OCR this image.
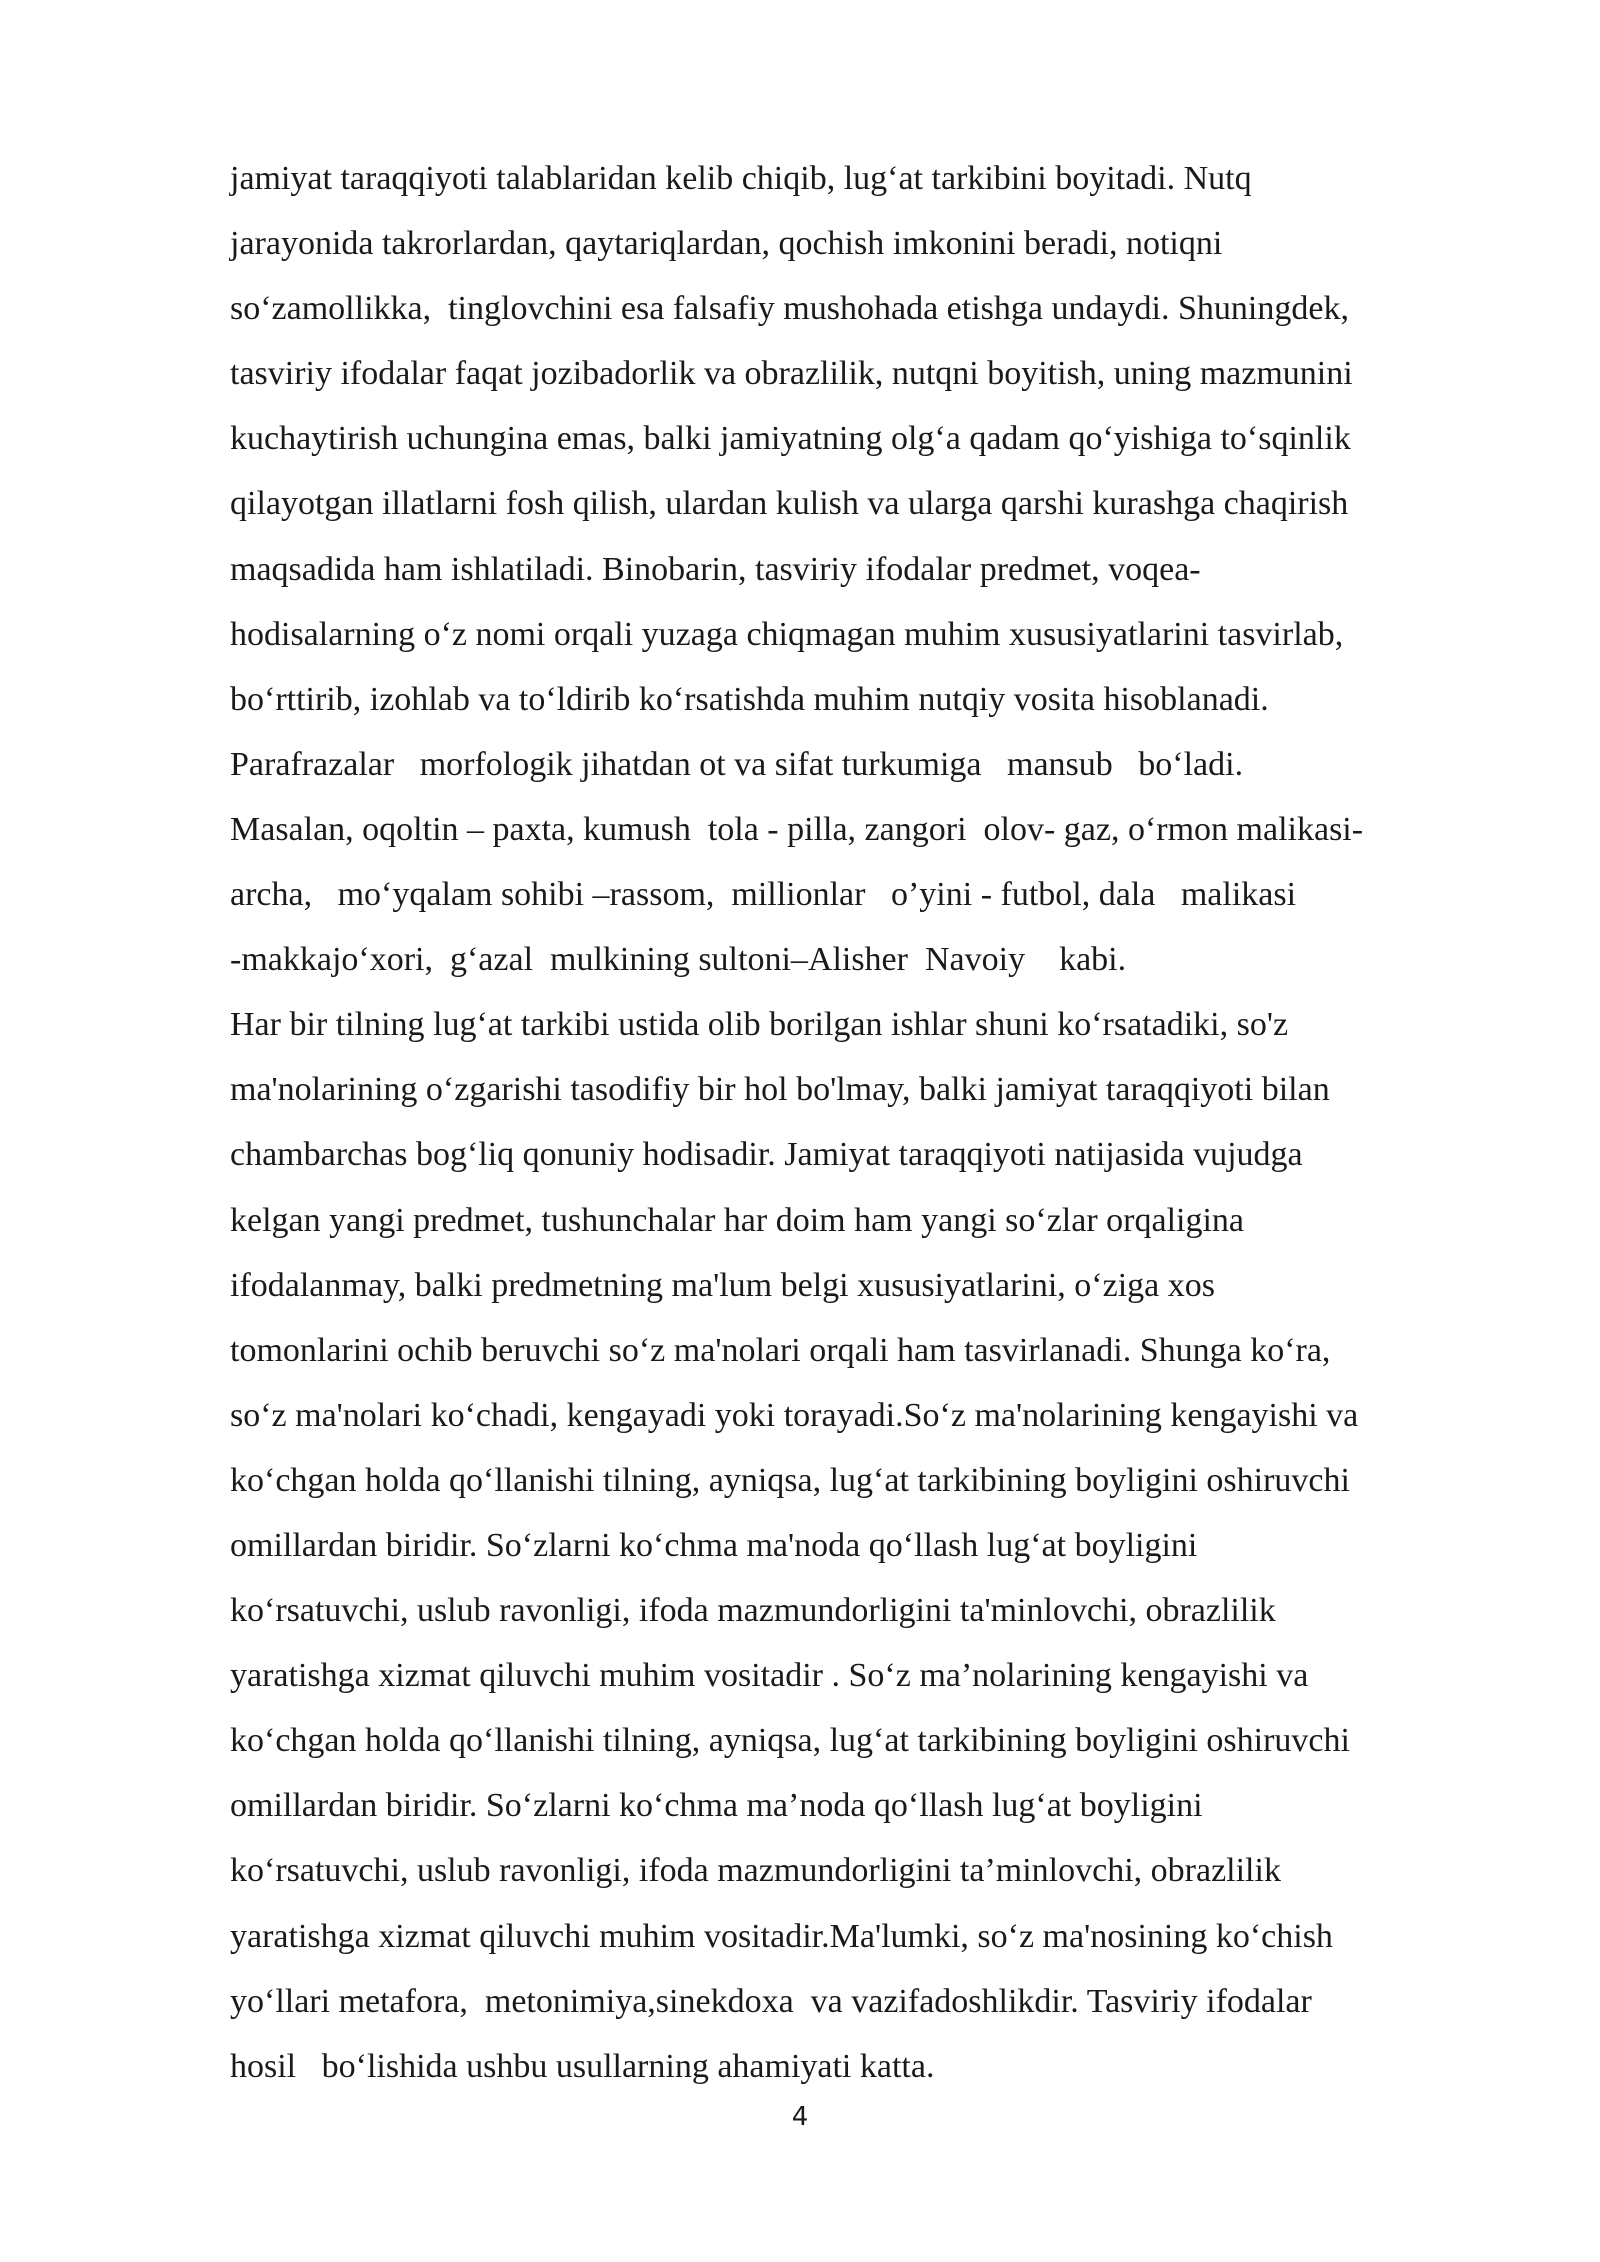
jamiyat taraqqiyoti talablaridan kelib chiqib, lug‘at tarkibini boyitadi. Nutq
jarayonida takrorlardan, qaytariqlardan, qochish imkonini beradi, notiqni
so‘zamollikka,  tinglovchini esa falsafiy mushohada etishga undaydi. Shuningdek,
tasviriy ifodalar faqat jozibadorlik va obrazlilik, nutqni boyitish, uning mazmunini
kuchaytirish uchungina emas, balki jamiyatning olg‘a qadam qo‘yishiga to‘sqinlik
qilayotgan illatlarni fosh qilish, ulardan kulish va ularga qarshi kurashga chaqirish
maqsadida ham ishlatiladi. Binobarin, tasviriy ifodalar predmet, voqea-
hodisalarning o‘z nomi orqali yuzaga chiqmagan muhim xususiyatlarini tasvirlab,
bo‘rttirib, izohlab va to‘ldirib ko‘rsatishda muhim nutqiy vosita hisoblanadi.
Parafrazalar   morfologik jihatdan ot va sifat turkumiga   mansub   bo‘ladi.
Masalan, oqoltin – paxta, kumush  tola - pilla, zangori  olov- gaz, o‘rmon malikasi-
archa,   mo‘yqalam sohibi –rassom,  millionlar   o’yini - futbol, dala   malikasi
-makkajo‘xori,  g‘azal  mulkining sultoni–Alisher  Navoiy    kabi.
Har bir tilning lug‘at tarkibi ustida olib borilgan ishlar shuni ko‘rsatadiki, so'z
ma'nolarining o‘zgarishi tasodifiy bir hol bo'lmay, balki jamiyat taraqqiyoti bilan
chambarchas bog‘liq qonuniy hodisadir. Jamiyat taraqqiyoti natijasida vujudga
kelgan yangi predmet, tushunchalar har doim ham yangi so‘zlar orqaligina
ifodalanmay, balki predmetning ma'lum belgi xususiyatlarini, o‘ziga xos
tomonlarini ochib beruvchi so‘z ma'nolari orqali ham tasvirlanadi. Shunga ko‘ra,
so‘z ma'nolari ko‘chadi, kengayadi yoki torayadi.So‘z ma'nolarining kengayishi va
ko‘chgan holda qo‘llanishi tilning, ayniqsa, lug‘at tarkibining boyligini oshiruvchi
omillardan biridir. So‘zlarni ko‘chma ma'noda qo‘llash lug‘at boyligini
ko‘rsatuvchi, uslub ravonligi, ifoda mazmundorligini ta'minlovchi, obrazlilik
yaratishga xizmat qiluvchi muhim vositadir . So‘z ma’nolarining kengayishi va
ko‘chgan holda qo‘llanishi tilning, ayniqsa, lug‘at tarkibining boyligini oshiruvchi
omillardan biridir. So‘zlarni ko‘chma ma’noda qo‘llash lug‘at boyligini
ko‘rsatuvchi, uslub ravonligi, ifoda mazmundorligini ta’minlovchi, obrazlilik
yaratishga xizmat qiluvchi muhim vositadir.Ma'lumki, so‘z ma'nosining ko‘chish
yo‘llari metafora,  metonimiya,sinekdoxa  va vazifadoshlikdir. Tasviriy ifodalar
hosil   bo‘lishida ushbu usullarning ahamiyati katta.
4
